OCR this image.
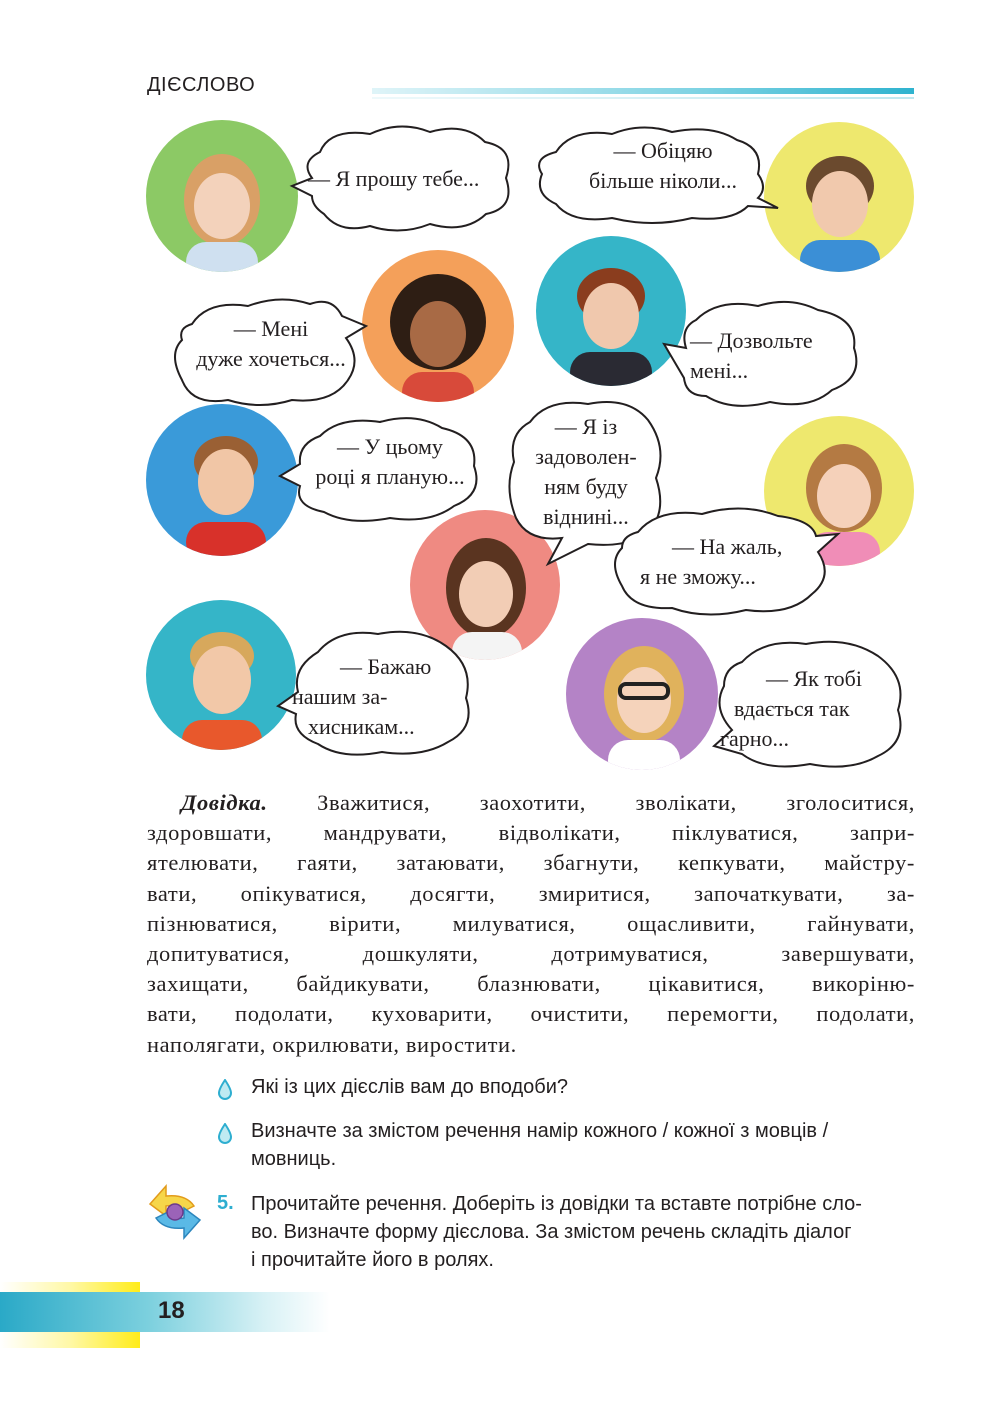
ДІЄСЛОВО
— Я прошу тебе...
— Обіцяю
більше ніколи...
— Мені
дуже хочеться...
— Дозвольте
мені...
— У цьому
році я планую...
— Я із
задоволен-
ням буду
віднині...
— На жаль,
я не зможу...
— Бажаю
нашим за-
хисникам...
— Як тобі
вдається так
гарно...
Довідка. Зважитися, заохотити, зволікати, зголоситися,
здоровшати, мандрувати, відволікати, піклуватися, запри-
ятелювати, гаяти, затаювати, збагнути, кепкувати, майстру-
вати, опікуватися, досягти, змиритися, започаткувати, за-
пізнюватися, вірити, милуватися, ощасливити, гайнувати,
допитуватися, дошкуляти, дотримуватися, завершувати,
захищати, байдикувати, блазнювати, цікавитися, викоріню-
вати, подолати, куховарити, очистити, перемогти, подолати,
наполягати, окрилювати, виростити.
Які із цих дієслів вам до вподоби?
Визначте за змістом речення намір кожного / кожної з мовців /
мовниць.
5. Прочитайте речення. Доберіть із довідки та вставте потрібне сло-
во. Визначте форму дієслова. За змістом речень складіть діалог
і прочитайте його в ролях.
18
